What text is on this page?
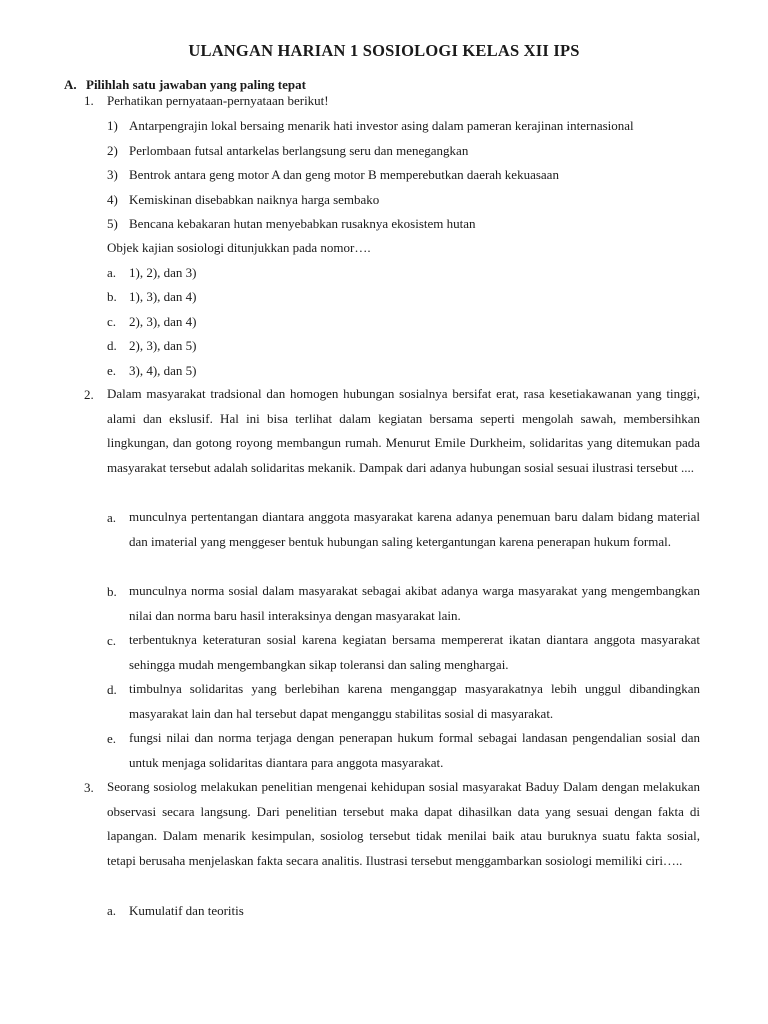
ULANGAN HARIAN 1 SOSIOLOGI KELAS XII IPS
A. Pilihlah satu jawaban yang paling tepat
1. Perhatikan pernyataan-pernyataan berikut!
1) Antarpengrajin lokal bersaing menarik hati investor asing dalam pameran kerajinan internasional
2) Perlombaan futsal antarkelas berlangsung seru dan menegangkan
3) Bentrok antara geng motor A dan geng motor B memperebutkan daerah kekuasaan
4) Kemiskinan disebabkan naiknya harga sembako
5) Bencana kebakaran hutan menyebabkan rusaknya ekosistem hutan
Objek kajian sosiologi ditunjukkan pada nomor….
a. 1), 2), dan 3)
b. 1), 3), dan 4)
c. 2), 3), dan 4)
d. 2), 3), dan 5)
e. 3), 4), dan 5)
2. Dalam masyarakat tradsional dan homogen hubungan sosialnya bersifat erat, rasa kesetiakawanan yang tinggi, alami dan ekslusif. Hal ini bisa terlihat dalam kegiatan bersama seperti mengolah sawah, membersihkan lingkungan, dan gotong royong membangun rumah. Menurut Emile Durkheim, solidaritas yang ditemukan pada masyarakat tersebut adalah solidaritas mekanik. Dampak dari adanya hubungan sosial sesuai ilustrasi tersebut ....
a. munculnya pertentangan diantara anggota masyarakat karena adanya penemuan baru dalam bidang material dan imaterial yang menggeser bentuk hubungan saling ketergantungan karena penerapan hukum formal.
b. munculnya norma sosial dalam masyarakat sebagai akibat adanya warga masyarakat yang mengembangkan nilai dan norma baru hasil interaksinya dengan masyarakat lain.
c. terbentuknya keteraturan sosial karena kegiatan bersama mempererat ikatan diantara anggota masyarakat sehingga mudah mengembangkan sikap toleransi dan saling menghargai.
d. timbulnya solidaritas yang berlebihan karena menganggap masyarakatnya lebih unggul dibandingkan masyarakat lain dan hal tersebut dapat menganggu stabilitas sosial di masyarakat.
e. fungsi nilai dan norma terjaga dengan penerapan hukum formal sebagai landasan pengendalian sosial dan untuk menjaga solidaritas diantara para anggota masyarakat.
3. Seorang sosiolog melakukan penelitian mengenai kehidupan sosial masyarakat Baduy Dalam dengan melakukan observasi secara langsung. Dari penelitian tersebut maka dapat dihasilkan data yang sesuai dengan fakta di lapangan. Dalam menarik kesimpulan, sosiolog tersebut tidak menilai baik atau buruknya suatu fakta sosial, tetapi berusaha menjelaskan fakta secara analitis. Ilustrasi tersebut menggambarkan sosiologi memiliki ciri…..
a. Kumulatif dan teoritis
